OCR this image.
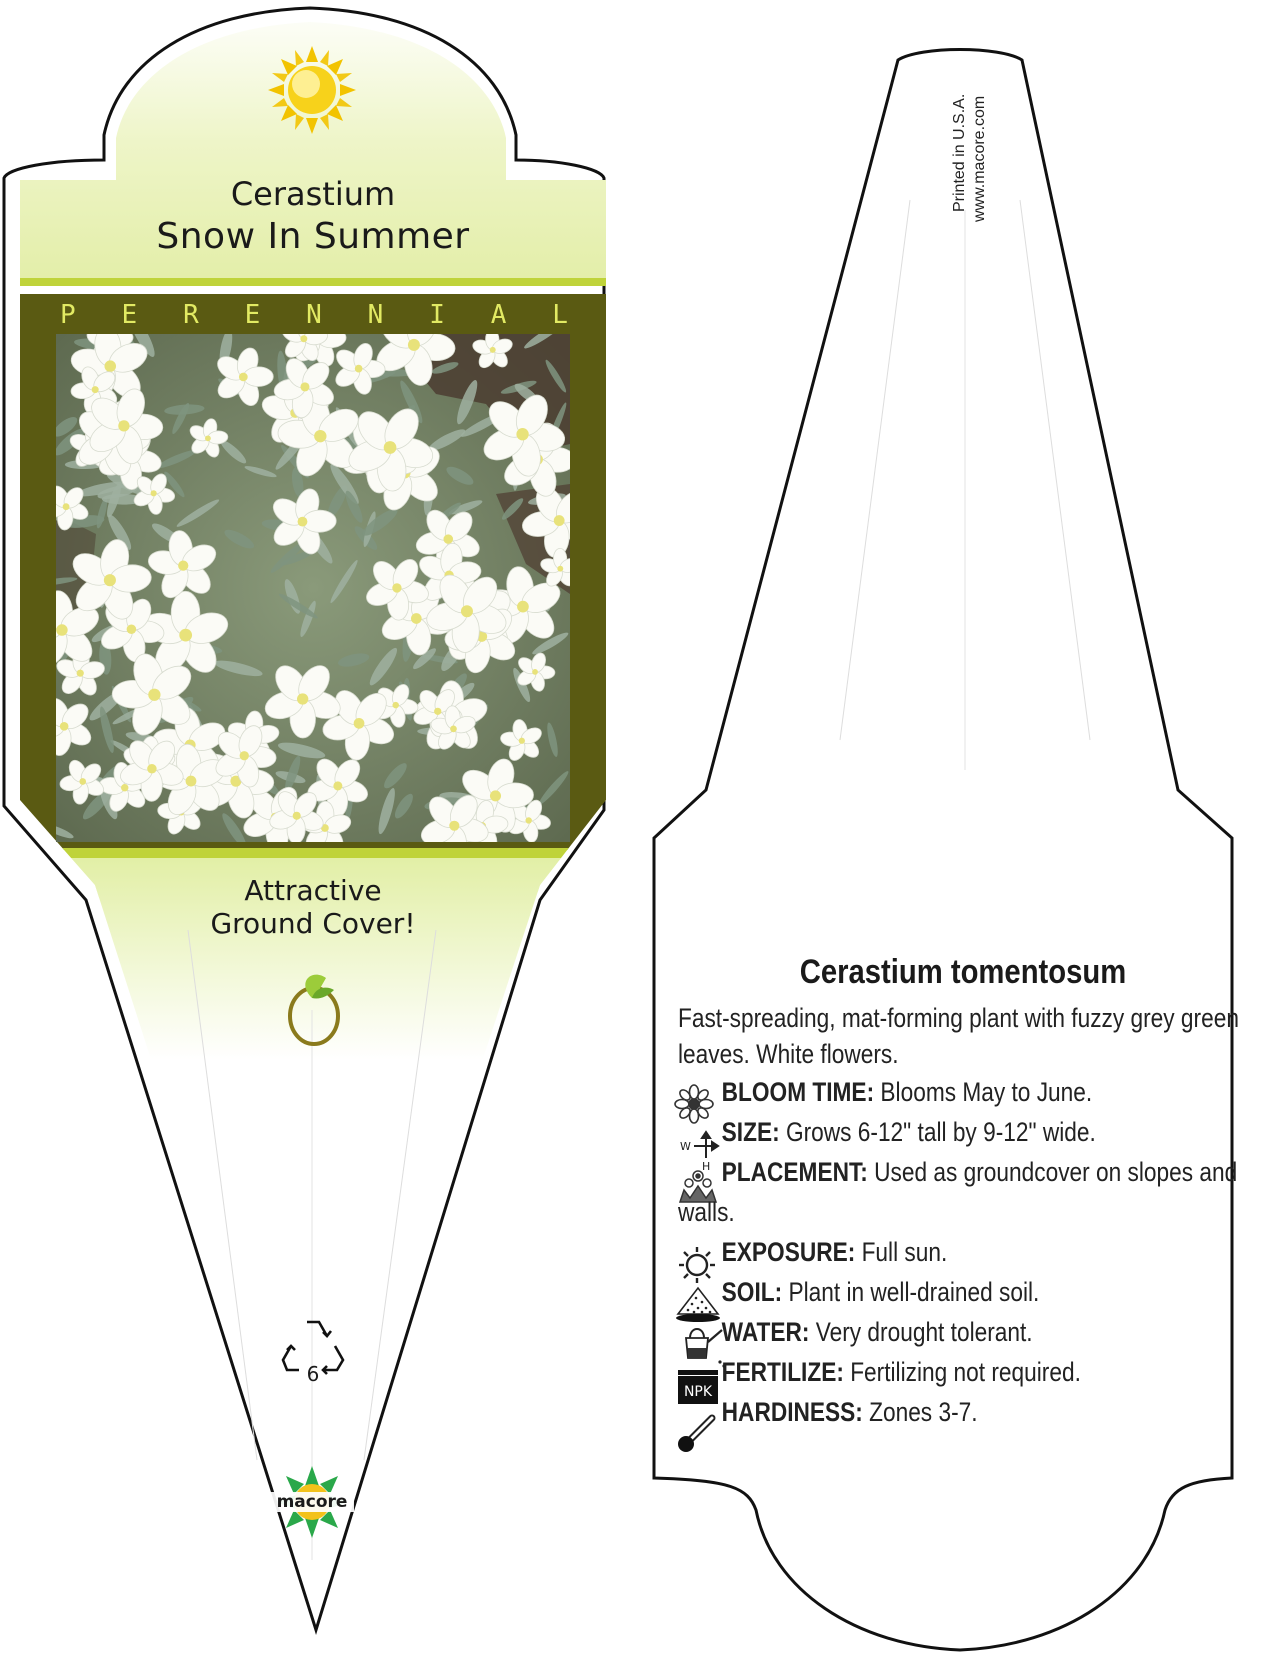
W
H
NPK
Cerastium
Snow In Summer
P E R E N N I A L
Attractive
Ground Cover!
6
macore
Printed in U.S.A. www.macore.com
Cerastium tomentosum
Fast-spreading, mat-forming plant with fuzzy grey green leaves. White flowers.
BLOOM TIME: Blooms May to June.
SIZE: Grows 6-12" tall by 9-12" wide.
PLACEMENT: Used as groundcover on slopes and walls.
EXPOSURE: Full sun.
SOIL: Plant in well-drained soil.
WATER: Very drought tolerant.
FERTILIZE: Fertilizing not required.
HARDINESS: Zones 3-7.
